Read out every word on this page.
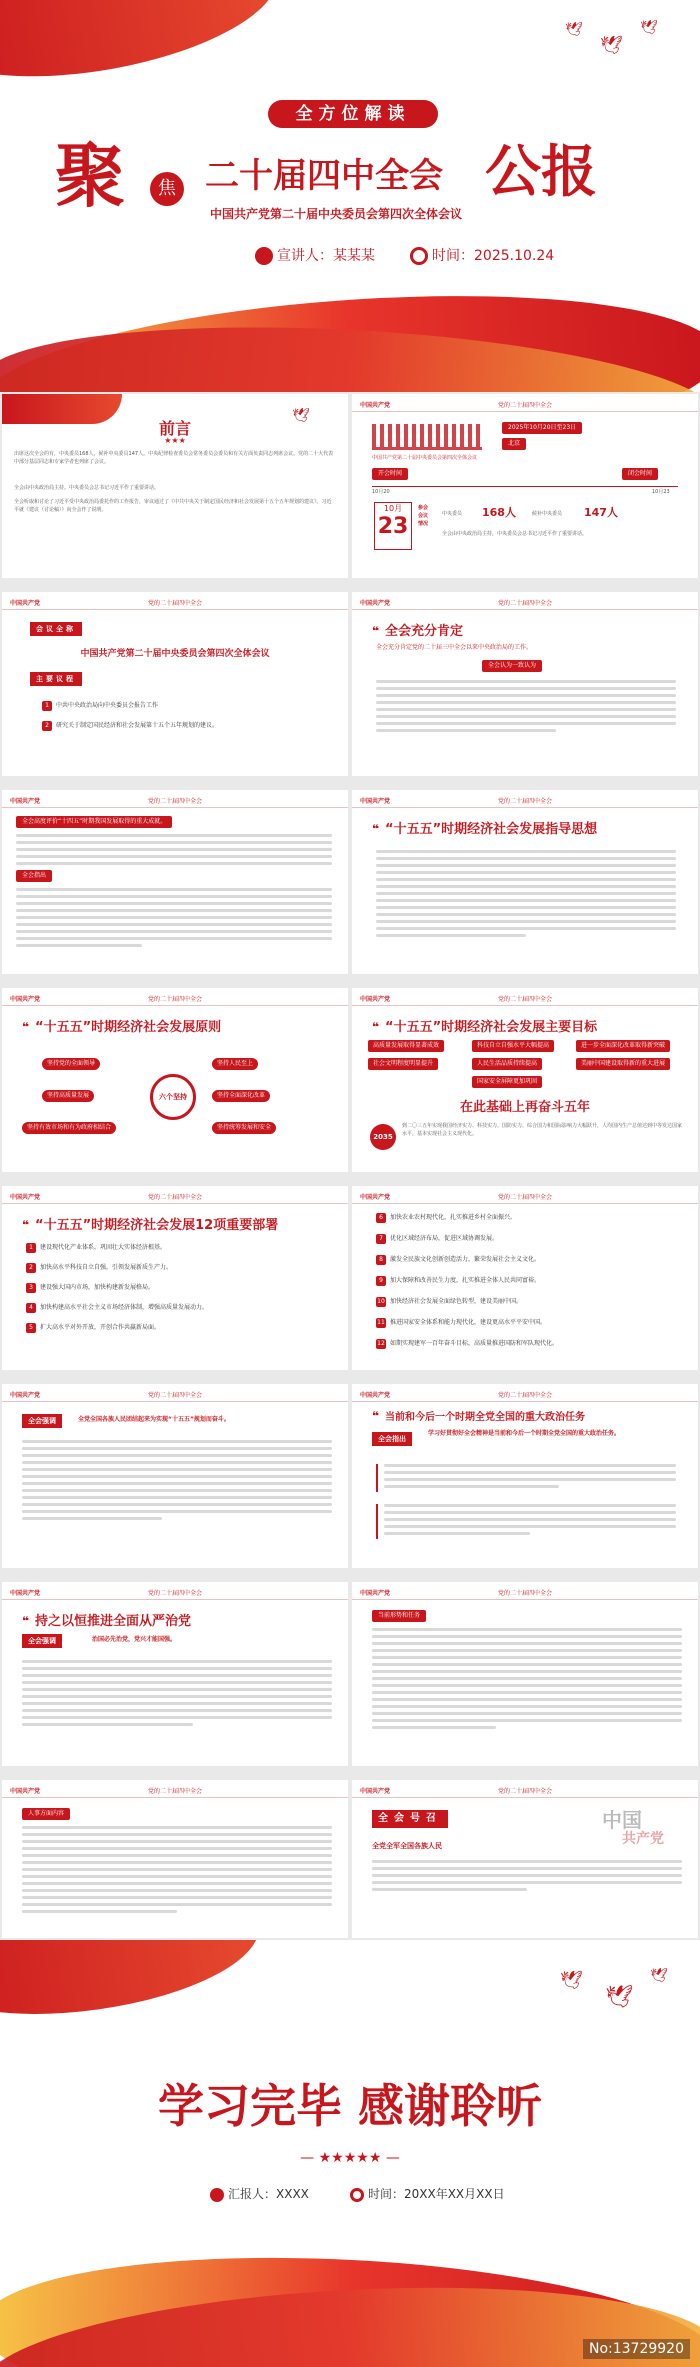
🕊
🕊
🕊
全方位解读
聚	焦 二十届四中全会 公报
中国共产党第二十届中央委员会第四次全体会议
宣讲人：某某某	时间：2025.10.24
前言
★★★
出席这次全会的有，中央委员168人，候补中央委员147人。中央纪律检查委员会常务委员会委员和有关方面负责同志列席会议。党的二十大代表中部分基层同志和专家学者也列席了会议。
全会由中央政治局主持。中央委员会总书记习近平作了重要讲话。
全会听取和讨论了习近平受中央政治局委托作的工作报告，审议通过了《中共中央关于制定国民经济和社会发展第十五个五年规划的建议》。习近平就《建议（讨论稿）》向全会作了说明。
🕊
中国共产党	党的二十届四中全会
2025年10月20日至23日
北京
中国共产党第二十届中央委员会第四次全体会议
开会时间	闭会时间
10月20	10月23
10月
23
参会会议情况
中央委员 168人	候补中央委员 147人
全会由中央政治局主持，中央委员会总书记习近平作了重要讲话。
中国共产党	党的二十届四中全会
会议全称
中国共产党第二十届中央委员会第四次全体会议
主要议程
1 中共中央政治局向中央委员会报告工作
2 研究关于制定国民经济和社会发展第十五个五年规划的建议。
中国共产党	党的二十届四中全会
❝ 全会充分肯定
全会充分肯定党的二十届三中全会以来中央政治局的工作。
全会认为一致认为
中国共产党	党的二十届四中全会
全会高度评价“十四五”时期我国发展取得的重大成就。
全会指出
中国共产党	党的二十届四中全会
❝ “十五五”时期经济社会发展指导思想
中国共产党	党的二十届四中全会
❝ “十五五”时期经济社会发展原则
六个坚持
坚持党的全面领导	坚持人民至上
坚持高质量发展	坚持全面深化改革
坚持有效市场和有为政府相结合	坚持统筹发展和安全
中国共产党	党的二十届四中全会
❝ “十五五”时期经济社会发展主要目标
高质量发展取得显著成效	科技自立自强水平大幅提高	进一步全面深化改革取得新突破
社会文明程度明显提升	人民生活品质持续提高	美丽中国建设取得新的重大进展
国家安全屏障更加巩固
在此基础上再奋斗五年
2035
到二〇三五年实现我国经济实力、科技实力、国防实力、综合国力和国际影响力大幅跃升，人均国内生产总值达到中等发达国家水平，基本实现社会主义现代化。
中国共产党	党的二十届四中全会
❝ “十五五”时期经济社会发展12项重要部署
1 建设现代化产业体系，巩固壮大实体经济根基。
2 加快高水平科技自立自强，引领发展新质生产力。
3 建设强大国内市场，加快构建新发展格局。
4 加快构建高水平社会主义市场经济体制，增强高质量发展动力。
5 扩大高水平对外开放，开创合作共赢新局面。
中国共产党	党的二十届四中全会
6 加快农业农村现代化，扎实推进乡村全面振兴。
7 优化区域经济布局，促进区域协调发展。
8 激发全民族文化创新创造活力，繁荣发展社会主义文化。
9 加大保障和改善民生力度，扎实推进全体人民共同富裕。
10 加快经济社会发展全面绿色转型，建设美丽中国。
11 推进国家安全体系和能力现代化，建设更高水平平安中国。
12 如期实现建军一百年奋斗目标，高质量推进国防和军队现代化。
中国共产党	党的二十届四中全会
全会强调	全党全国各族人民团结起来为实现“十五五”规划而奋斗。
中国共产党	党的二十届四中全会
❝ 当前和今后一个时期全党全国的重大政治任务
全会指出
学习好贯彻好全会精神是当前和今后一个时期全党全国的重大政治任务。
中国共产党	党的二十届四中全会
❝ 持之以恒推进全面从严治党
全会强调	治国必先治党，党兴才能国强。
中国共产党	党的二十届四中全会
当前形势和任务
中国共产党	党的二十届四中全会
人事方面内容
中国共产党	党的二十届四中全会
全会号召	中国
共产党
全党全军全国各族人民
🕊
🕊
🕊
学习完毕 感谢聆听
— ★★★★★ —
汇报人：XXXX	时间：20XX年XX月XX日
No:13729920
